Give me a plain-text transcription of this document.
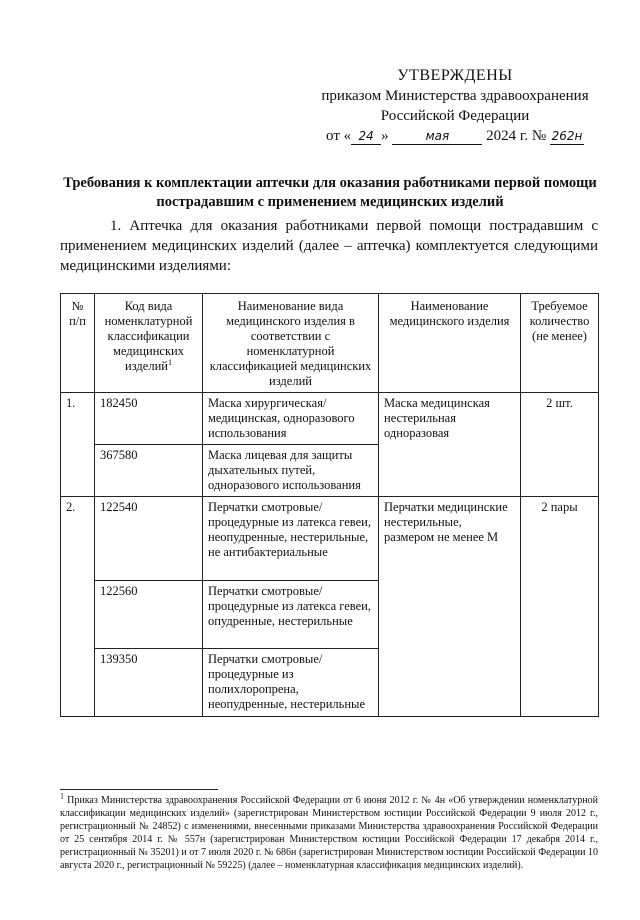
УТВЕРЖДЕНЫ
приказом Министерства здравоохранения
Российской Федерации
от « 24 »	мая 2024 г. № 262н
Требования к комплектации аптечки для оказания работниками первой помощи пострадавшим с применением медицинских изделий

1. Аптечка для оказания работниками первой помощи пострадавшим с применением медицинских изделий (далее – аптечка) комплектуется следующими медицинскими изделиями:

№ п/п	Код вида номенклатурной классификации медицинских изделий$^1$	Наименование вида медицинского изделия в соответствии с номенклатурной классификацией медицинских изделий	Наименование медицинского изделия	Требуемое количество (не менее)
1.	182450	Маска хирургическая/ медицинская, одноразового использования	Маска медицинская нестерильная одноразовая	2 шт.
	367580	Маска лицевая для защиты дыхательных путей, одноразового использования		
2.	122540	Перчатки смотровые/ процедурные из латекса гевеи, неопудренные, нестерильные, не антибактериальные	Перчатки медицинские нестерильные, размером не менее М	2 пары
	122560	Перчатки смотровые/ процедурные из латекса гевеи, опудренные, нестерильные		
	139350	Перчатки смотровые/ процедурные из полихлоропрена, неопудренные, нестерильные		
$^1$ Приказ Министерства здравоохранения Российской Федерации от 6 июня 2012 г. № 4н «Об утверждении номенклатурной классификации медицинских изделий» (зарегистрирован Министерством юстиции Российской Федерации 9 июля 2012 г., регистрационный № 24852) с изменениями, внесенными приказами Министерства здравоохранения Российской Федерации от 25 сентября 2014 г. № 557н (зарегистрирован Министерством юстиции Российской Федерации 17 декабря 2014 г., регистрационный № 35201) и от 7 июля 2020 г. № 686н (зарегистрирован Министерством юстиции Российской Федерации 10 августа 2020 г., регистрационный № 59225) (далее – номенклатурная классификация медицинских изделий).
